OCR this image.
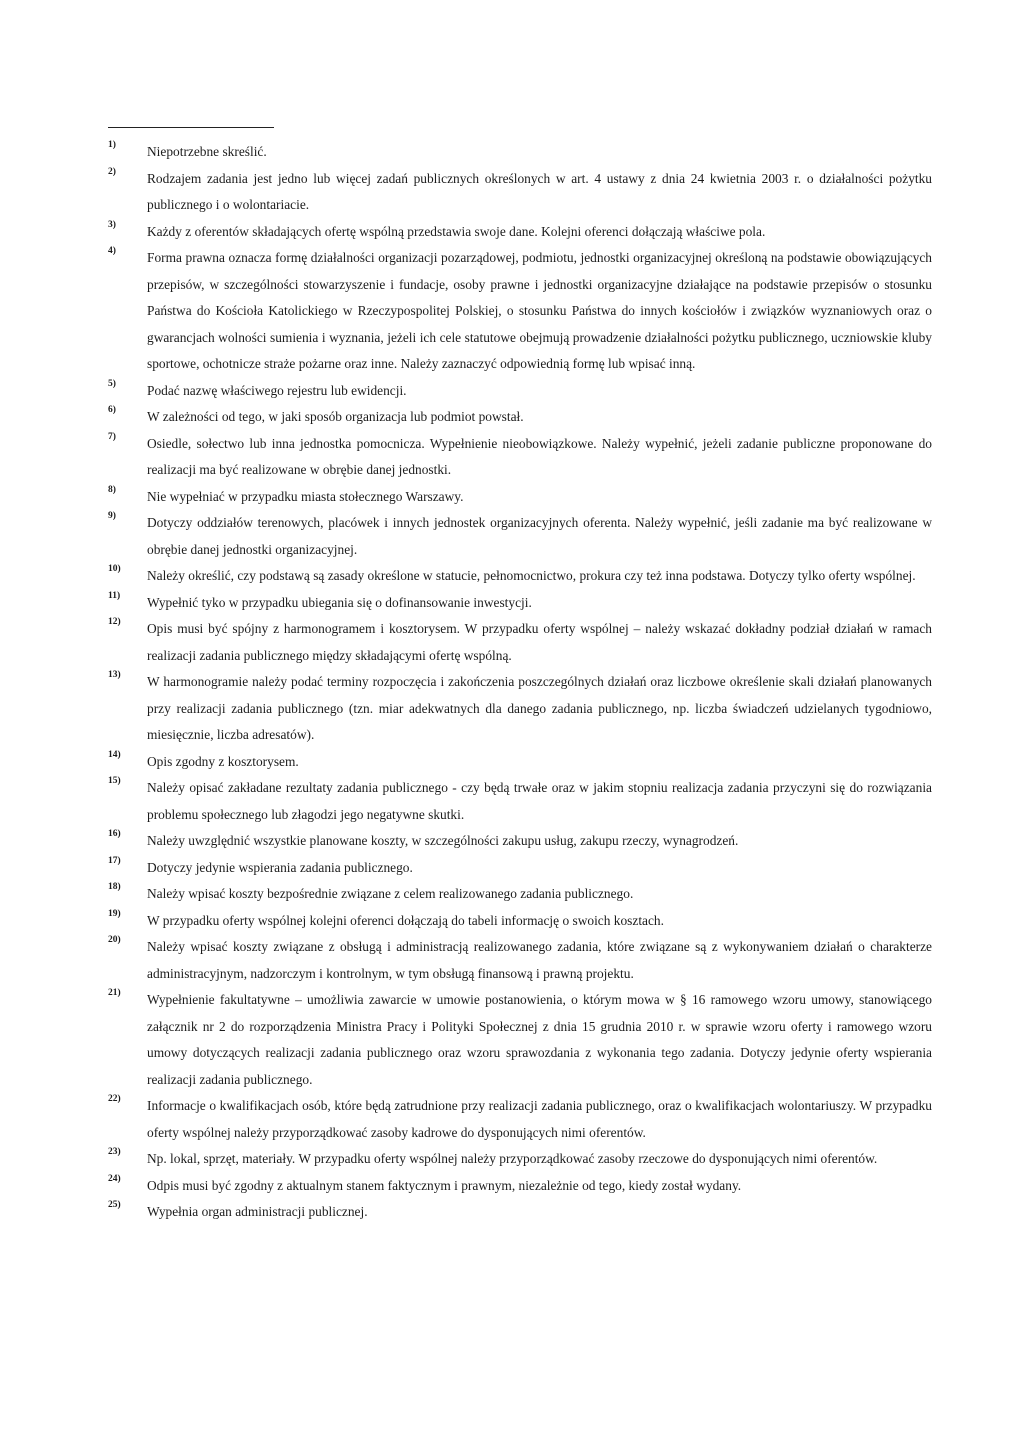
1) Niepotrzebne skreślić.
2) Rodzajem zadania jest jedno lub więcej zadań publicznych określonych w art. 4 ustawy z dnia 24 kwietnia 2003 r. o działalności pożytku publicznego i o wolontariacie.
3) Każdy z oferentów składających ofertę wspólną przedstawia swoje dane. Kolejni oferenci dołączają właściwe pola.
4) Forma prawna oznacza formę działalności organizacji pozarządowej, podmiotu, jednostki organizacyjnej określoną na podstawie obowiązujących przepisów, w szczególności stowarzyszenie i fundacje, osoby prawne i jednostki organizacyjne działające na podstawie przepisów o stosunku Państwa do Kościoła Katolickiego w Rzeczypospolitej Polskiej, o stosunku Państwa do innych kościołów i związków wyznaniowych oraz o gwarancjach wolności sumienia i wyznania, jeżeli ich cele statutowe obejmują prowadzenie działalności pożytku publicznego, uczniowskie kluby sportowe, ochotnicze straże pożarne oraz inne. Należy zaznaczyć odpowiednią formę lub wpisać inną.
5) Podać nazwę właściwego rejestru lub ewidencji.
6) W zależności od tego, w jaki sposób organizacja lub podmiot powstał.
7) Osiedle, sołectwo lub inna jednostka pomocnicza. Wypełnienie nieobowiązkowe. Należy wypełnić, jeżeli zadanie publiczne proponowane do realizacji ma być realizowane w obrębie danej jednostki.
8) Nie wypełniać w przypadku miasta stołecznego Warszawy.
9) Dotyczy oddziałów terenowych, placówek i innych jednostek organizacyjnych oferenta. Należy wypełnić, jeśli zadanie ma być realizowane w obrębie danej jednostki organizacyjnej.
10) Należy określić, czy podstawą są zasady określone w statucie, pełnomocnictwo, prokura czy też inna podstawa. Dotyczy tylko oferty wspólnej.
11) Wypełnić tyko w przypadku ubiegania się o dofinansowanie inwestycji.
12) Opis musi być spójny z harmonogramem i kosztorysem. W przypadku oferty wspólnej – należy wskazać dokładny podział działań w ramach realizacji zadania publicznego między składającymi ofertę wspólną.
13) W harmonogramie należy podać terminy rozpoczęcia i zakończenia poszczególnych działań oraz liczbowe określenie skali działań planowanych przy realizacji zadania publicznego (tzn. miar adekwatnych dla danego zadania publicznego, np. liczba świadczeń udzielanych tygodniowo, miesięcznie, liczba adresatów).
14) Opis zgodny z kosztorysem.
15) Należy opisać zakładane rezultaty zadania publicznego - czy będą trwałe oraz w jakim stopniu realizacja zadania przyczyni się do rozwiązania problemu społecznego lub złagodzi jego negatywne skutki.
16) Należy uwzględnić wszystkie planowane koszty, w szczególności zakupu usług, zakupu rzeczy, wynagrodzeń.
17) Dotyczy jedynie wspierania zadania publicznego.
18) Należy wpisać koszty bezpośrednie związane z celem realizowanego zadania publicznego.
19) W przypadku oferty wspólnej kolejni oferenci dołączają do tabeli informację o swoich kosztach.
20) Należy wpisać koszty związane z obsługą i administracją realizowanego zadania, które związane są z wykonywaniem działań o charakterze administracyjnym, nadzorczym i kontrolnym, w tym obsługą finansową i prawną projektu.
21) Wypełnienie fakultatywne – umożliwia zawarcie w umowie postanowienia, o którym mowa w § 16 ramowego wzoru umowy, stanowiącego załącznik nr 2 do rozporządzenia Ministra Pracy i Polityki Społecznej z dnia 15 grudnia 2010 r. w sprawie wzoru oferty i ramowego wzoru umowy dotyczących realizacji zadania publicznego oraz wzoru sprawozdania z wykonania tego zadania. Dotyczy jedynie oferty wspierania realizacji zadania publicznego.
22) Informacje o kwalifikacjach osób, które będą zatrudnione przy realizacji zadania publicznego, oraz o kwalifikacjach wolontariuszy. W przypadku oferty wspólnej należy przyporządkować zasoby kadrowe do dysponujących nimi oferentów.
23) Np. lokal, sprzęt, materiały. W przypadku oferty wspólnej należy przyporządkować zasoby rzeczowe do dysponujących nimi oferentów.
24) Odpis musi być zgodny z aktualnym stanem faktycznym i prawnym, niezależnie od tego, kiedy został wydany.
25) Wypełnia organ administracji publicznej.
